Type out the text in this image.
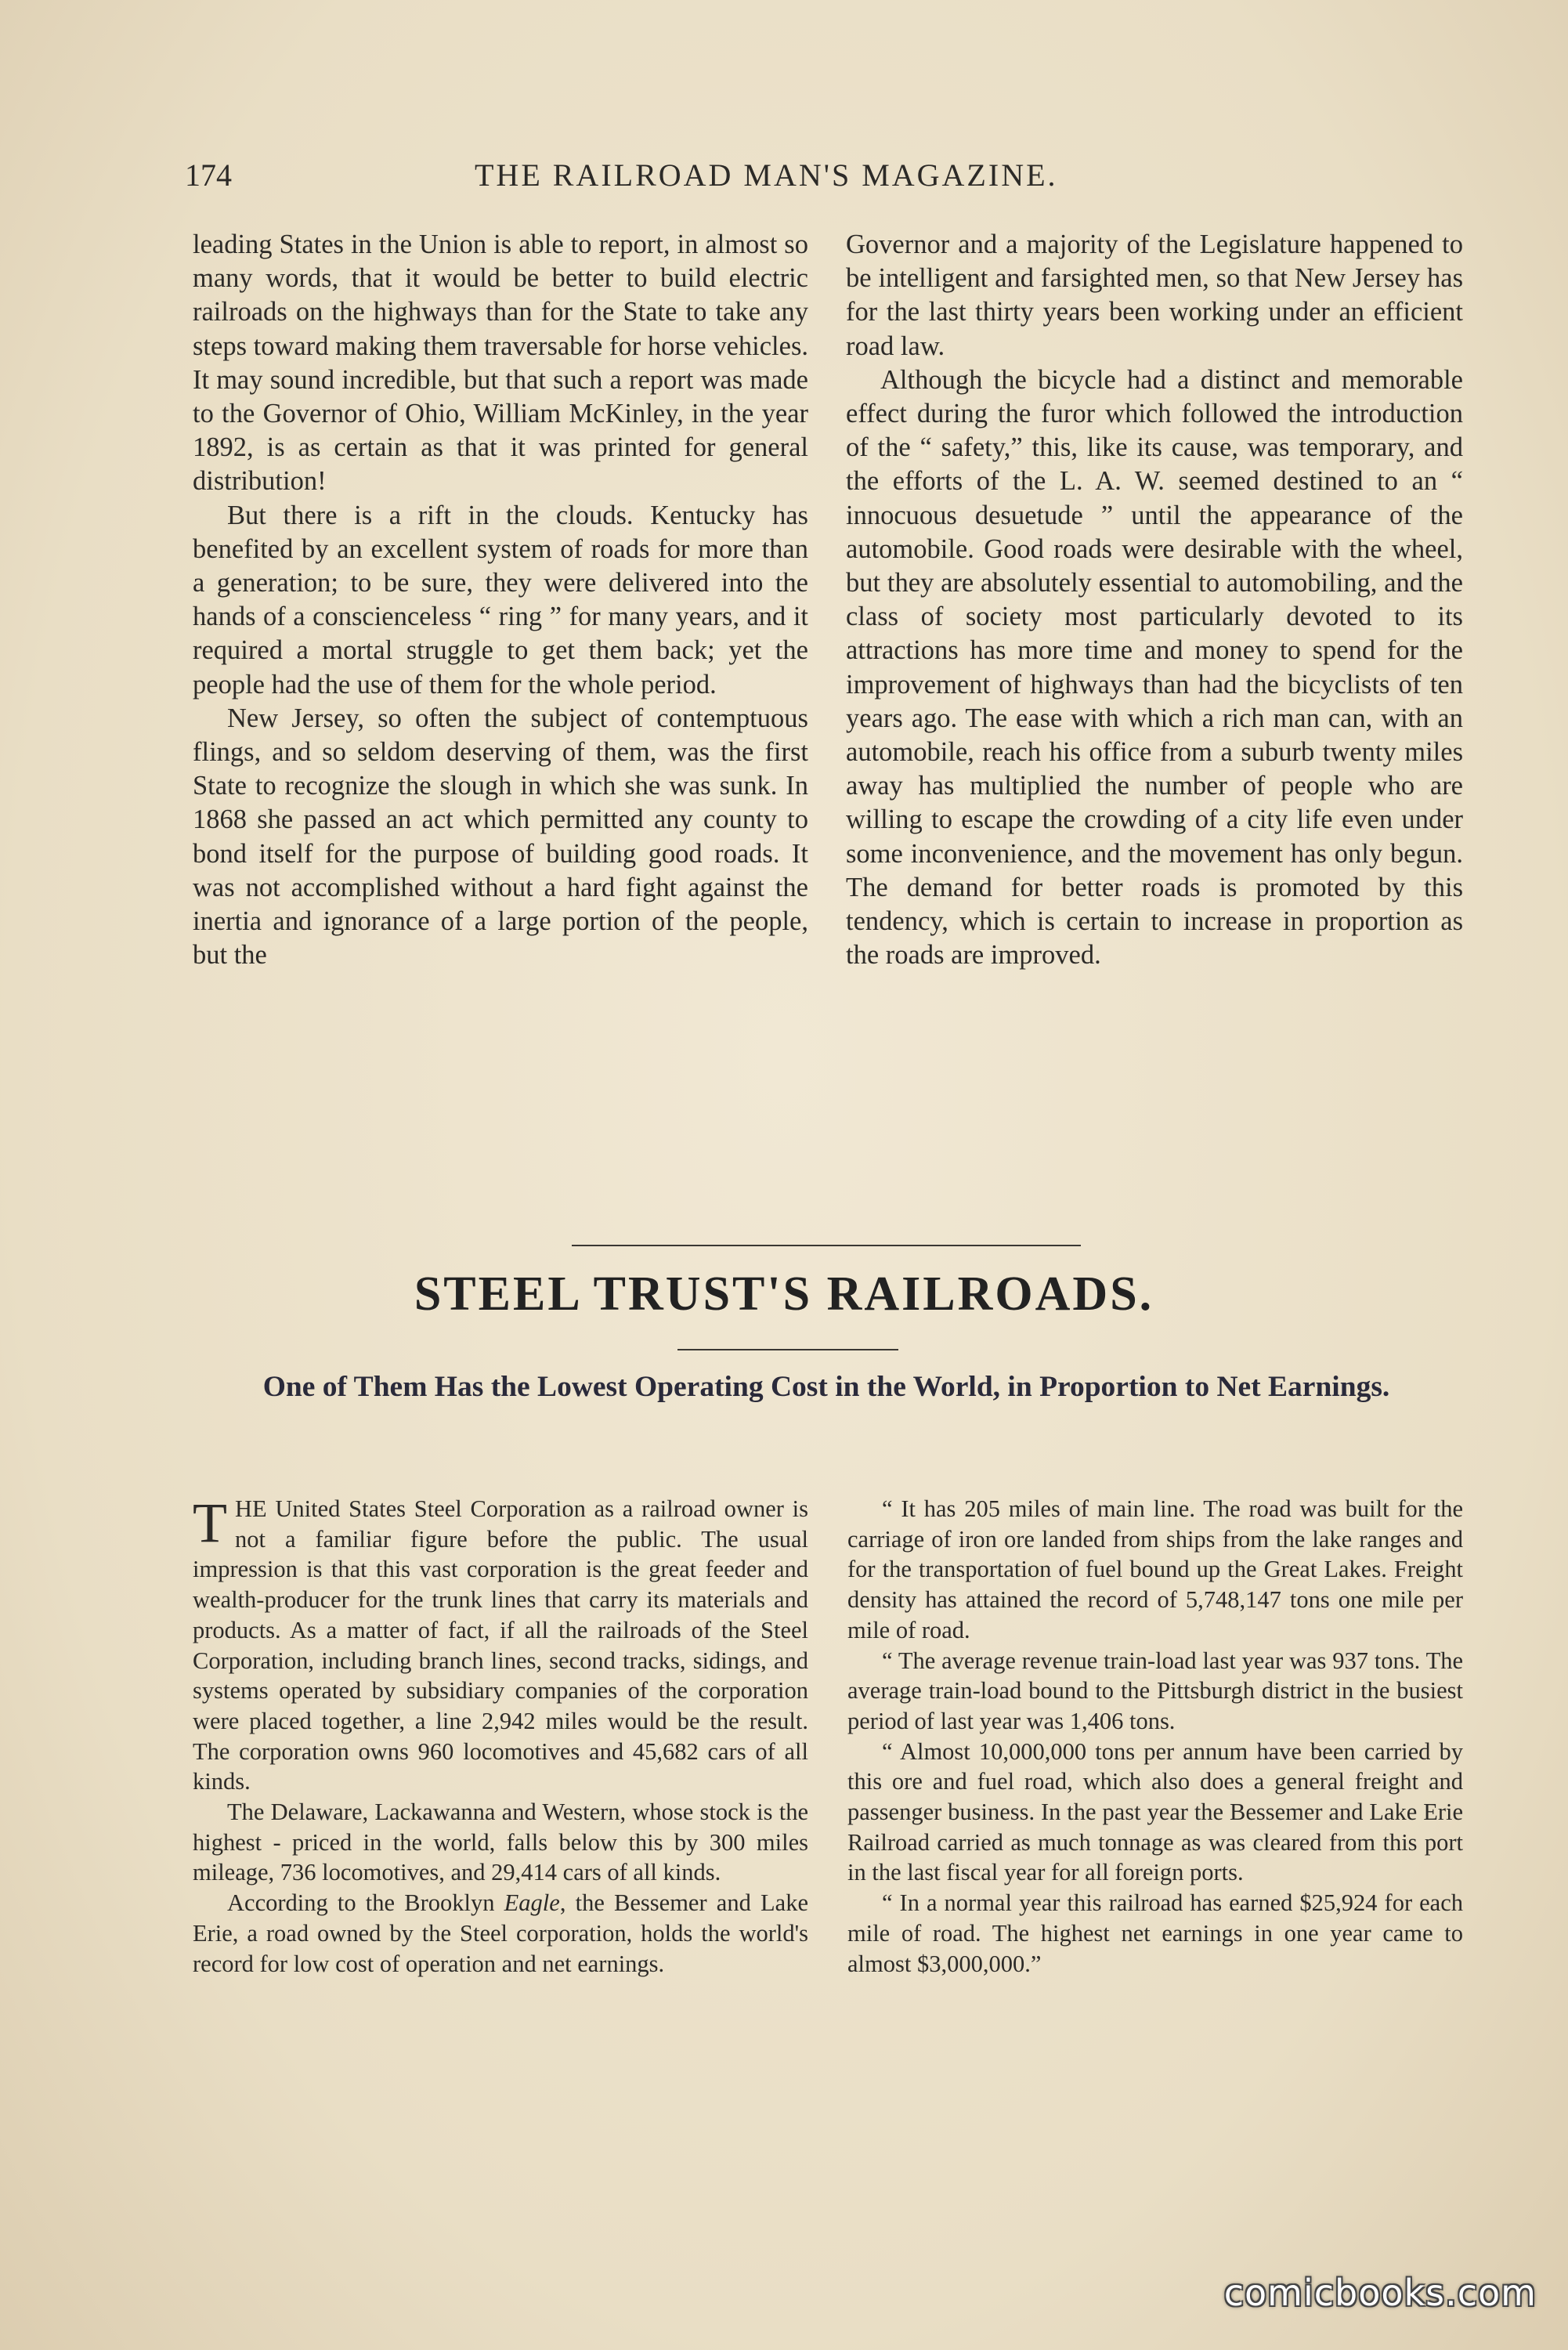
174	THE RAILROAD MAN'S MAGAZINE.

leading States in the Union is able to report, in almost so many words, that it would be better to build electric railroads on the highways than for the State to take any steps toward making them traversable for horse vehicles. It may sound incredible, but that such a report was made to the Governor of Ohio, William McKinley, in the year 1892, is as certain as that it was printed for general distribution!

But there is a rift in the clouds. Kentucky has benefited by an excellent system of roads for more than a generation; to be sure, they were delivered into the hands of a conscienceless “ ring ” for many years, and it required a mortal struggle to get them back; yet the people had the use of them for the whole period.

New Jersey, so often the subject of contemptuous flings, and so seldom deserving of them, was the first State to recognize the slough in which she was sunk. In 1868 she passed an act which permitted any county to bond itself for the purpose of building good roads. It was not accomplished without a hard fight against the inertia and ignorance of a large portion of the people, but the

Governor and a majority of the Legislature happened to be intelligent and farsighted men, so that New Jersey has for the last thirty years been working under an efficient road law.

Although the bicycle had a distinct and memorable effect during the furor which followed the introduction of the “ safety,” this, like its cause, was temporary, and the efforts of the L. A. W. seemed destined to an “ innocuous desuetude ” until the appearance of the automobile. Good roads were desirable with the wheel, but they are absolutely essential to automobiling, and the class of society most particularly devoted to its attractions has more time and money to spend for the improvement of highways than had the bicyclists of ten years ago. The ease with which a rich man can, with an automobile, reach his office from a suburb twenty miles away has multiplied the number of people who are willing to escape the crowding of a city life even under some inconvenience, and the movement has only begun. The demand for better roads is promoted by this tendency, which is certain to increase in proportion as the roads are improved.

STEEL TRUST'S RAILROADS.
One of Them Has the Lowest Operating Cost in the World, in Proportion to Net Earnings.

THE United States Steel Corporation as a railroad owner is not a familiar figure before the public. The usual impression is that this vast corporation is the great feeder and wealth-producer for the trunk lines that carry its materials and products. As a matter of fact, if all the railroads of the Steel Corporation, including branch lines, second tracks, sidings, and systems operated by subsidiary companies of the corporation were placed together, a line 2,942 miles would be the result. The corporation owns 960 locomotives and 45,682 cars of all kinds.

The Delaware, Lackawanna and Western, whose stock is the highest - priced in the world, falls below this by 300 miles mileage, 736 locomotives, and 29,414 cars of all kinds.

According to the Brooklyn Eagle, the Bessemer and Lake Erie, a road owned by the Steel corporation, holds the world's record for low cost of operation and net earnings.

“ It has 205 miles of main line. The road was built for the carriage of iron ore landed from ships from the lake ranges and for the transportation of fuel bound up the Great Lakes. Freight density has attained the record of 5,748,147 tons one mile per mile of road.

“ The average revenue train-load last year was 937 tons. The average train-load bound to the Pittsburgh district in the busiest period of last year was 1,406 tons.

“ Almost 10,000,000 tons per annum have been carried by this ore and fuel road, which also does a general freight and passenger business. In the past year the Bessemer and Lake Erie Railroad carried as much tonnage as was cleared from this port in the last fiscal year for all foreign ports.

“ In a normal year this railroad has earned $25,924 for each mile of road. The highest net earnings in one year came to almost $3,000,000.”

comicbooks.com
